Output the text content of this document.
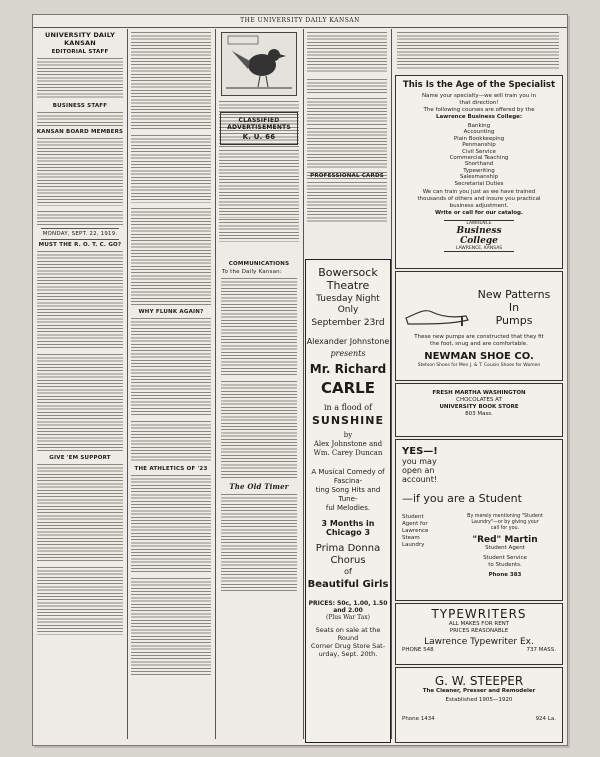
THE UNIVERSITY DAILY KANSAN
UNIVERSITY DAILY KANSAN
EDITORIAL STAFF
BUSINESS STAFF
KANSAN BOARD MEMBERS
MONDAY, SEPT. 22, 1919.
MUST THE R. O. T. C. GO?
GIVE 'EM SUPPORT
WHY FLUNK AGAIN?
THE ATHLETICS OF '23
CLASSIFIED ADVERTISEMENTS
K. U. 66
PROFESSIONAL CARDS
COMMUNICATIONS
To the Daily Kansan:
The Old Timer
Bowersock Theatre
Tuesday Night Only
September 23rd
Alexander Johnstone
presents
Mr. Richard
CARLE
in a flood of
SUNSHINE
by
Alex Johnstone and
Wm. Carey Duncan
A Musical Comedy of Fascina-
ting Song Hits and Tune-
ful Melodies.
3 Months in Chicago 3
Prima Donna
Chorus
of
Beautiful Girls
PRICES: 50c, 1.00, 1.50 and 2.00
(Plus War Tax)
Seats on sale at the Round
Corner Drug Store Sat-
urday, Sept. 20th.
This Is the Age of the Specialist
Name your specialty—we will train you in
that direction!
The following courses are offered by the
Lawrence Business College:
Banking
Accounting
Plain Bookkeeping
Penmanship
Civil Service
Commercial Teaching
Shorthand
Typewriting
Salesmanship
Secretarial Duties
We can train you just as we have trained
thousands of others and insure you practical
business adjustment.
Write or call for our catalog.
LAWRENCE
Business College
LAWRENCE, KANSAS
New Patterns
In
Pumps
These new pumps are constructed that they fit
the foot, snug and are comfortable.
NEWMAN SHOE CO.
Stetson Shoes for Men J. & T. Cousin Shoes for Women
FRESH MARTHA WASHINGTON
CHOCOLATES AT
UNIVERSITY BOOK STORE
803 Mass.
YES—!
you may
open an
account!
—if you are a Student
Student
Agent for
Lawrence
Steam
Laundry
By merely mentioning "Student
Laundry"—or by giving your
call for you.
"Red" Martin
Student Agent
Student Service
to Students.
Phone 383
TYPEWRITERS
ALL MAKES FOR RENT
PRICES REASONABLE
Lawrence Typewriter Ex.
PHONE 548	737 MASS.
G. W. STEEPER
The Cleaner, Presser and Remodeler
Established 1905—1920
Phone 1434	924 La.
